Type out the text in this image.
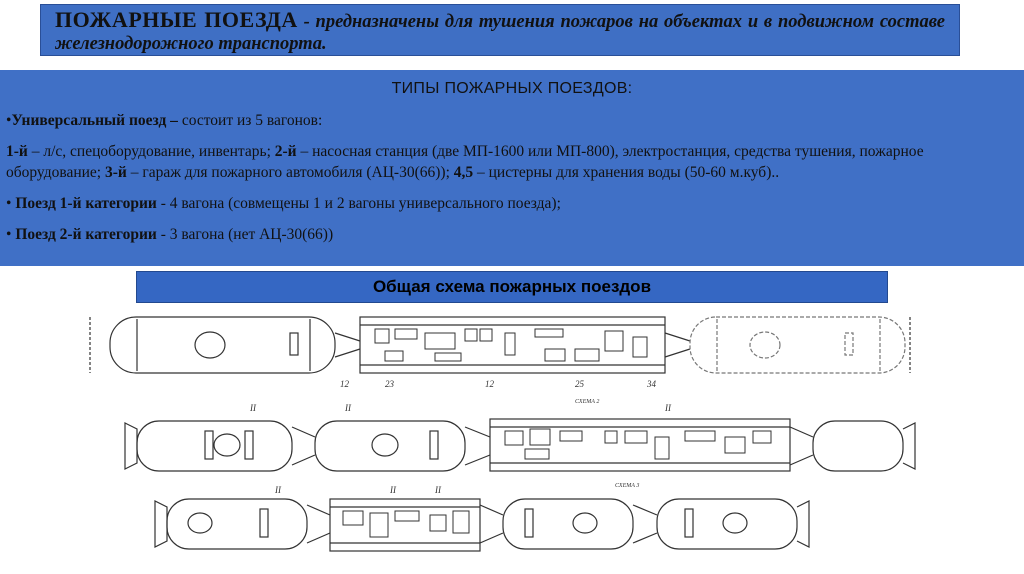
ПОЖАРНЫЕ ПОЕЗДА - предназначены для тушения пожаров на объектах и в подвижном составе железнодорожного транспорта.
ТИПЫ ПОЖАРНЫХ ПОЕЗДОВ:

•Универсальный поезд – состоит из 5 вагонов:

1-й – л/с, спецоборудование, инвентарь; 2-й – насосная станция (две МП-1600 или МП-800), электростанция, средства тушения, пожарное оборудование; 3-й – гараж для пожарного автомобиля (АЦ-30(66)); 4,5 – цистерны для хранения воды (50-60 м.куб)..

• Поезд 1-й категории - 4 вагона (совмещены 1 и 2 вагоны универсального поезда);

• Поезд 2-й категории - 3 вагона (нет АЦ-30(66))

Общая схема пожарных поездов
12	23	12	25	34
СХЕМА 2
II	II	II
СХЕМА 3
II	II	II
